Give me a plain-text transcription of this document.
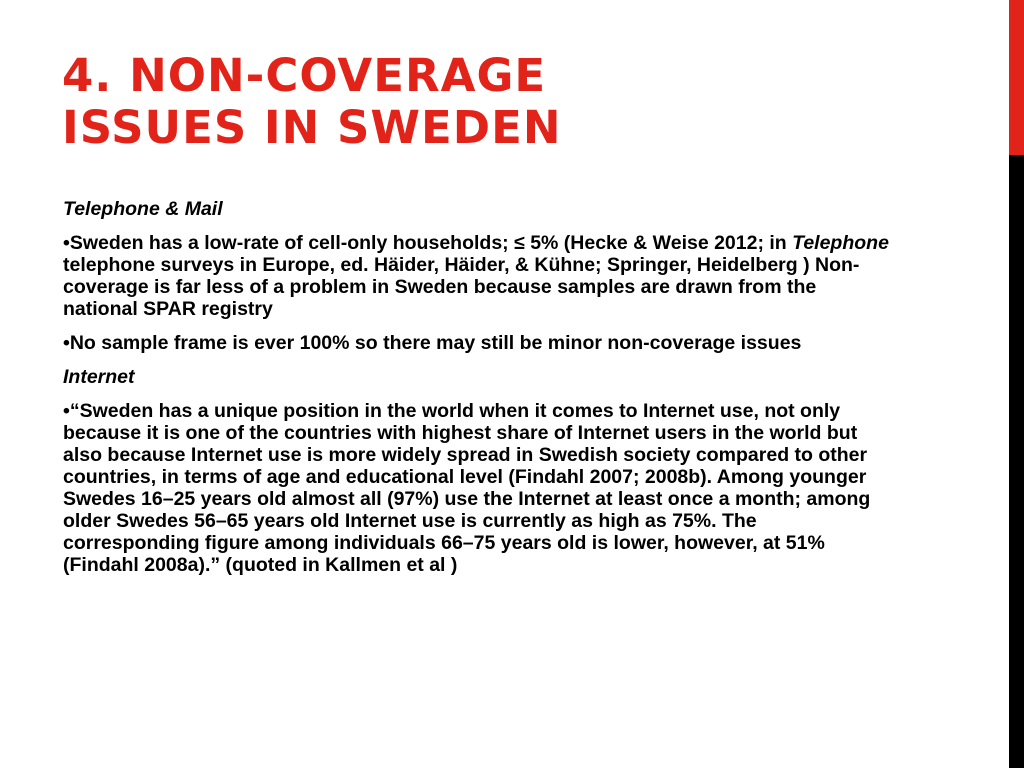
4. NON-COVERAGE
ISSUES IN SWEDEN

Telephone & Mail

•Sweden has a low-rate of cell-only households; ≤ 5% (Hecke & Weise 2012; in Telephone telephone surveys in Europe, ed. Häider, Häider, & Kühne; Springer, Heidelberg ) Non-coverage is far less of a problem in Sweden because samples are drawn from the national SPAR registry

•No sample frame is ever 100% so there may still be minor non-coverage issues

Internet

•“Sweden has a unique position in the world when it comes to Internet use, not only because it is one of the countries with highest share of Internet users in the world but also because Internet use is more widely spread in Swedish society compared to other countries, in terms of age and educational level (Findahl 2007; 2008b). Among younger Swedes 16–25 years old almost all (97%) use the Internet at least once a month; among older Swedes 56–65 years old Internet use is currently as high as 75%. The corresponding figure among individuals 66–75 years old is lower, however, at 51% (Findahl 2008a).” (quoted in Kallmen et al )
